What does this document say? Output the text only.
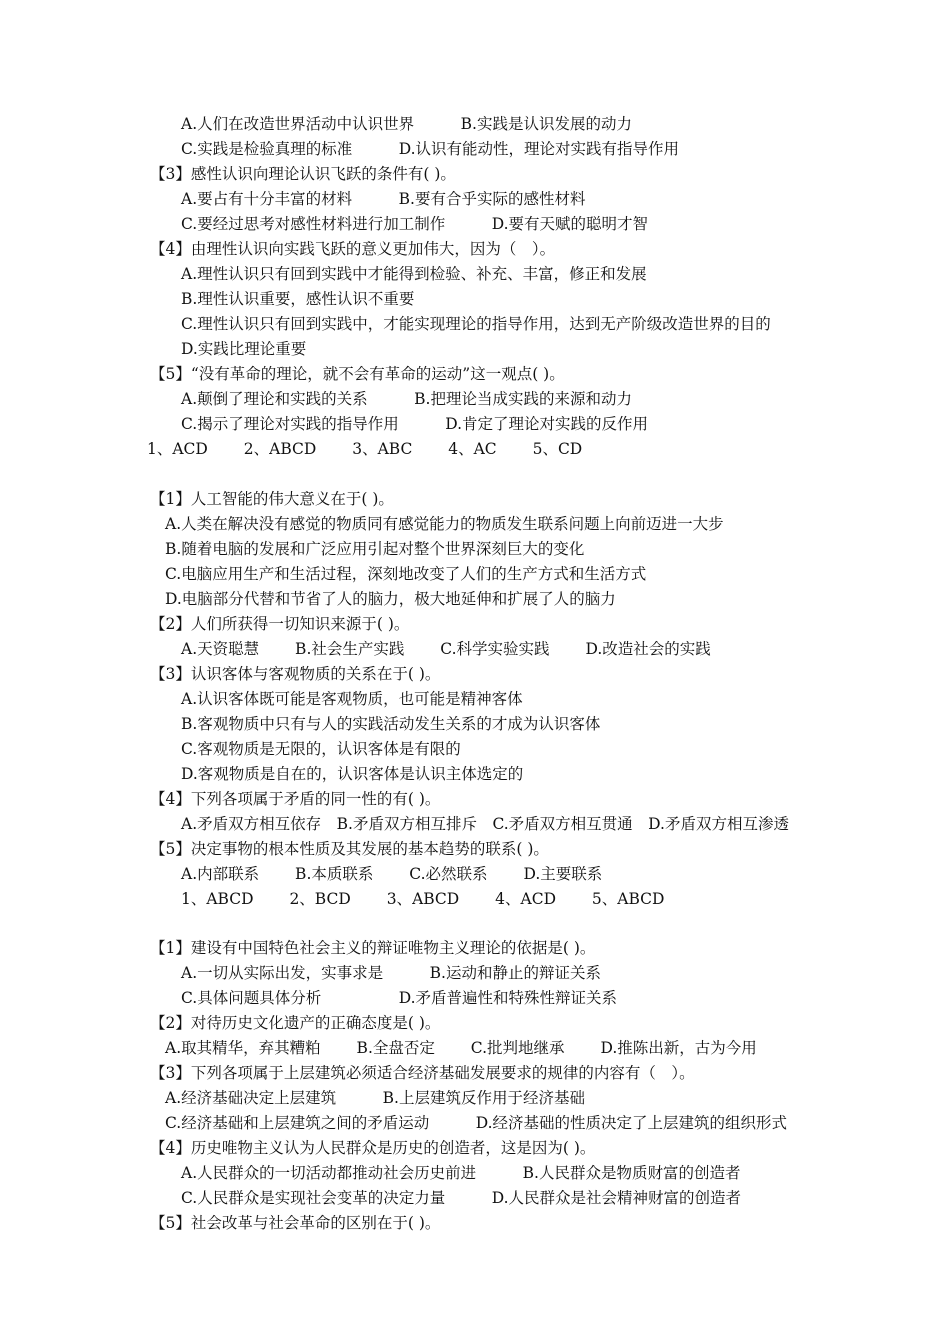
A.人们在改造世界活动中认识世界　　　B.实践是认识发展的动力
C.实践是检验真理的标准　　　D.认识有能动性，理论对实践有指导作用
【3】感性认识向理论认识飞跃的条件有( )。
A.要占有十分丰富的材料　　　B.要有合乎实际的感性材料
C.要经过思考对感性材料进行加工制作　　　D.要有天赋的聪明才智
【4】由理性认识向实践飞跃的意义更加伟大，因为（　）。
A.理性认识只有回到实践中才能得到检验、补充、丰富，修正和发展
B.理性认识重要，感性认识不重要
C.理性认识只有回到实践中，才能实现理论的指导作用，达到无产阶级改造世界的目的
D.实践比理论重要
【5】“没有革命的理论，就不会有革命的运动”这一观点( )。
A.颠倒了理论和实践的关系　　　B.把理论当成实践的来源和动力
C.揭示了理论对实践的指导作用　　　D.肯定了理论对实践的反作用
1、ACD　　 2、ABCD　　 3、ABC　　 4、AC　　 5、CD
【1】人工智能的伟大意义在于( )。
A.人类在解决没有感觉的物质同有感觉能力的物质发生联系问题上向前迈进一大步
B.随着电脑的发展和广泛应用引起对整个世界深刻巨大的变化
C.电脑应用生产和生活过程，深刻地改变了人们的生产方式和生活方式
D.电脑部分代替和节省了人的脑力，极大地延伸和扩展了人的脑力
【2】人们所获得一切知识来源于( )。
A.天资聪慧　　 B.社会生产实践　　 C.科学实验实践　　 D.改造社会的实践
【3】认识客体与客观物质的关系在于( )。
A.认识客体既可能是客观物质，也可能是精神客体
B.客观物质中只有与人的实践活动发生关系的才成为认识客体
C.客观物质是无限的，认识客体是有限的
D.客观物质是自在的，认识客体是认识主体选定的
【4】下列各项属于矛盾的同一性的有( )。
A.矛盾双方相互依存　B.矛盾双方相互排斥　C.矛盾双方相互贯通　D.矛盾双方相互渗透
【5】决定事物的根本性质及其发展的基本趋势的联系( )。
A.内部联系　　 B.本质联系　　 C.必然联系　　 D.主要联系
1、ABCD　　 2、BCD　　 3、ABCD　　 4、ACD　　 5、ABCD
【1】建设有中国特色社会主义的辩证唯物主义理论的依据是( )。
A.一切从实际出发，实事求是　　　B.运动和静止的辩证关系
C.具体问题具体分析　　　　　D.矛盾普遍性和特殊性辩证关系
【2】对待历史文化遗产的正确态度是( )。
A.取其精华，弃其糟粕　　 B.全盘否定　　 C.批判地继承　　 D.推陈出新，古为今用
【3】下列各项属于上层建筑必须适合经济基础发展要求的规律的内容有（　）。
A.经济基础决定上层建筑　　　B.上层建筑反作用于经济基础
C.经济基础和上层建筑之间的矛盾运动　　　D.经济基础的性质决定了上层建筑的组织形式
【4】历史唯物主义认为人民群众是历史的创造者，这是因为( )。
A.人民群众的一切活动都推动社会历史前进　　　B.人民群众是物质财富的创造者
C.人民群众是实现社会变革的决定力量　　　D.人民群众是社会精神财富的创造者
【5】社会改革与社会革命的区别在于( )。
